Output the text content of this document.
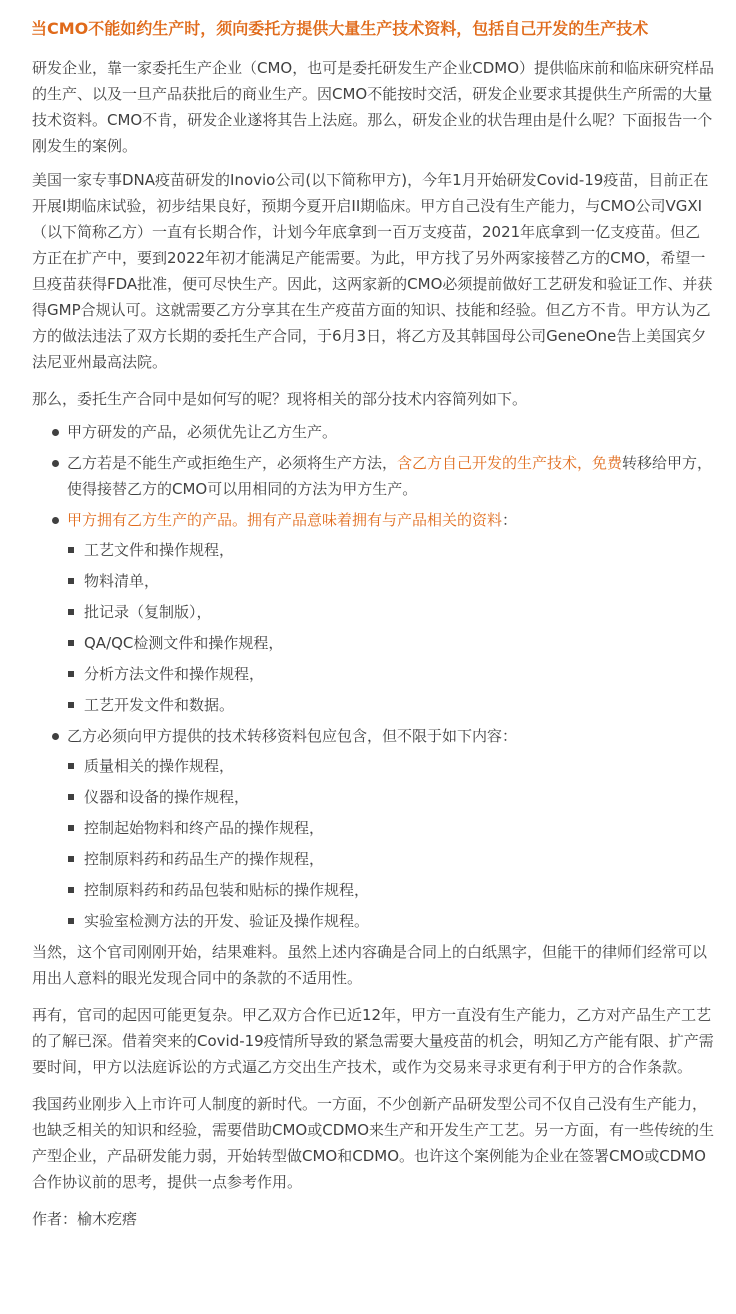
当CMO不能如约生产时，须向委托方提供大量生产技术资料，包括自己开发的生产技术

研发企业，靠一家委托生产企业（CMO，也可是委托研发生产企业CDMO）提供临床前和临床研究样品的生产、以及一旦产品获批后的商业生产。因CMO不能按时交活，研发企业要求其提供生产所需的大量技术资料。CMO不肯，研发企业遂将其告上法庭。那么，研发企业的状告理由是什么呢？下面报告一个刚发生的案例。

美国一家专事DNA疫苗研发的Inovio公司(以下简称甲方)，今年1月开始研发Covid-19疫苗，目前正在开展I期临床试验，初步结果良好，预期今夏开启II期临床。甲方自己没有生产能力，与CMO公司VGXI（以下简称乙方）一直有长期合作，计划今年底拿到一百万支疫苗，2021年底拿到一亿支疫苗。但乙方正在扩产中，要到2022年初才能满足产能需要。为此，甲方找了另外两家接替乙方的CMO，希望一旦疫苗获得FDA批准，便可尽快生产。因此，这两家新的CMO必须提前做好工艺研发和验证工作、并获得GMP合规认可。这就需要乙方分享其在生产疫苗方面的知识、技能和经验。但乙方不肯。甲方认为乙方的做法违法了双方长期的委托生产合同，于6月3日，将乙方及其韩国母公司GeneOne告上美国宾夕法尼亚州最高法院。

那么，委托生产合同中是如何写的呢？现将相关的部分技术内容简列如下。

甲方研发的产品，必须优先让乙方生产。
乙方若是不能生产或拒绝生产，必须将生产方法，含乙方自己开发的生产技术，免费转移给甲方，使得接替乙方的CMO可以用相同的方法为甲方生产。
甲方拥有乙方生产的产品。拥有产品意味着拥有与产品相关的资料：
工艺文件和操作规程，
物料清单，
批记录（复制版），
QA/QC检测文件和操作规程，
分析方法文件和操作规程，
工艺开发文件和数据。
乙方必须向甲方提供的技术转移资料包应包含，但不限于如下内容：
质量相关的操作规程，
仪器和设备的操作规程，
控制起始物料和终产品的操作规程，
控制原料药和药品生产的操作规程，
控制原料药和药品包装和贴标的操作规程，
实验室检测方法的开发、验证及操作规程。

当然，这个官司刚刚开始，结果难料。虽然上述内容确是合同上的白纸黑字，但能干的律师们经常可以用出人意料的眼光发现合同中的条款的不适用性。

再有，官司的起因可能更复杂。甲乙双方合作已近12年，甲方一直没有生产能力，乙方对产品生产工艺的了解已深。借着突来的Covid-19疫情所导致的紧急需要大量疫苗的机会，明知乙方产能有限、扩产需要时间，甲方以法庭诉讼的方式逼乙方交出生产技术，或作为交易来寻求更有利于甲方的合作条款。

我国药业刚步入上市许可人制度的新时代。一方面，不少创新产品研发型公司不仅自己没有生产能力，也缺乏相关的知识和经验，需要借助CMO或CDMO来生产和开发生产工艺。另一方面，有一些传统的生产型企业，产品研发能力弱，开始转型做CMO和CDMO。也许这个案例能为企业在签署CMO或CDMO合作协议前的思考，提供一点参考作用。

作者：榆木疙瘩
